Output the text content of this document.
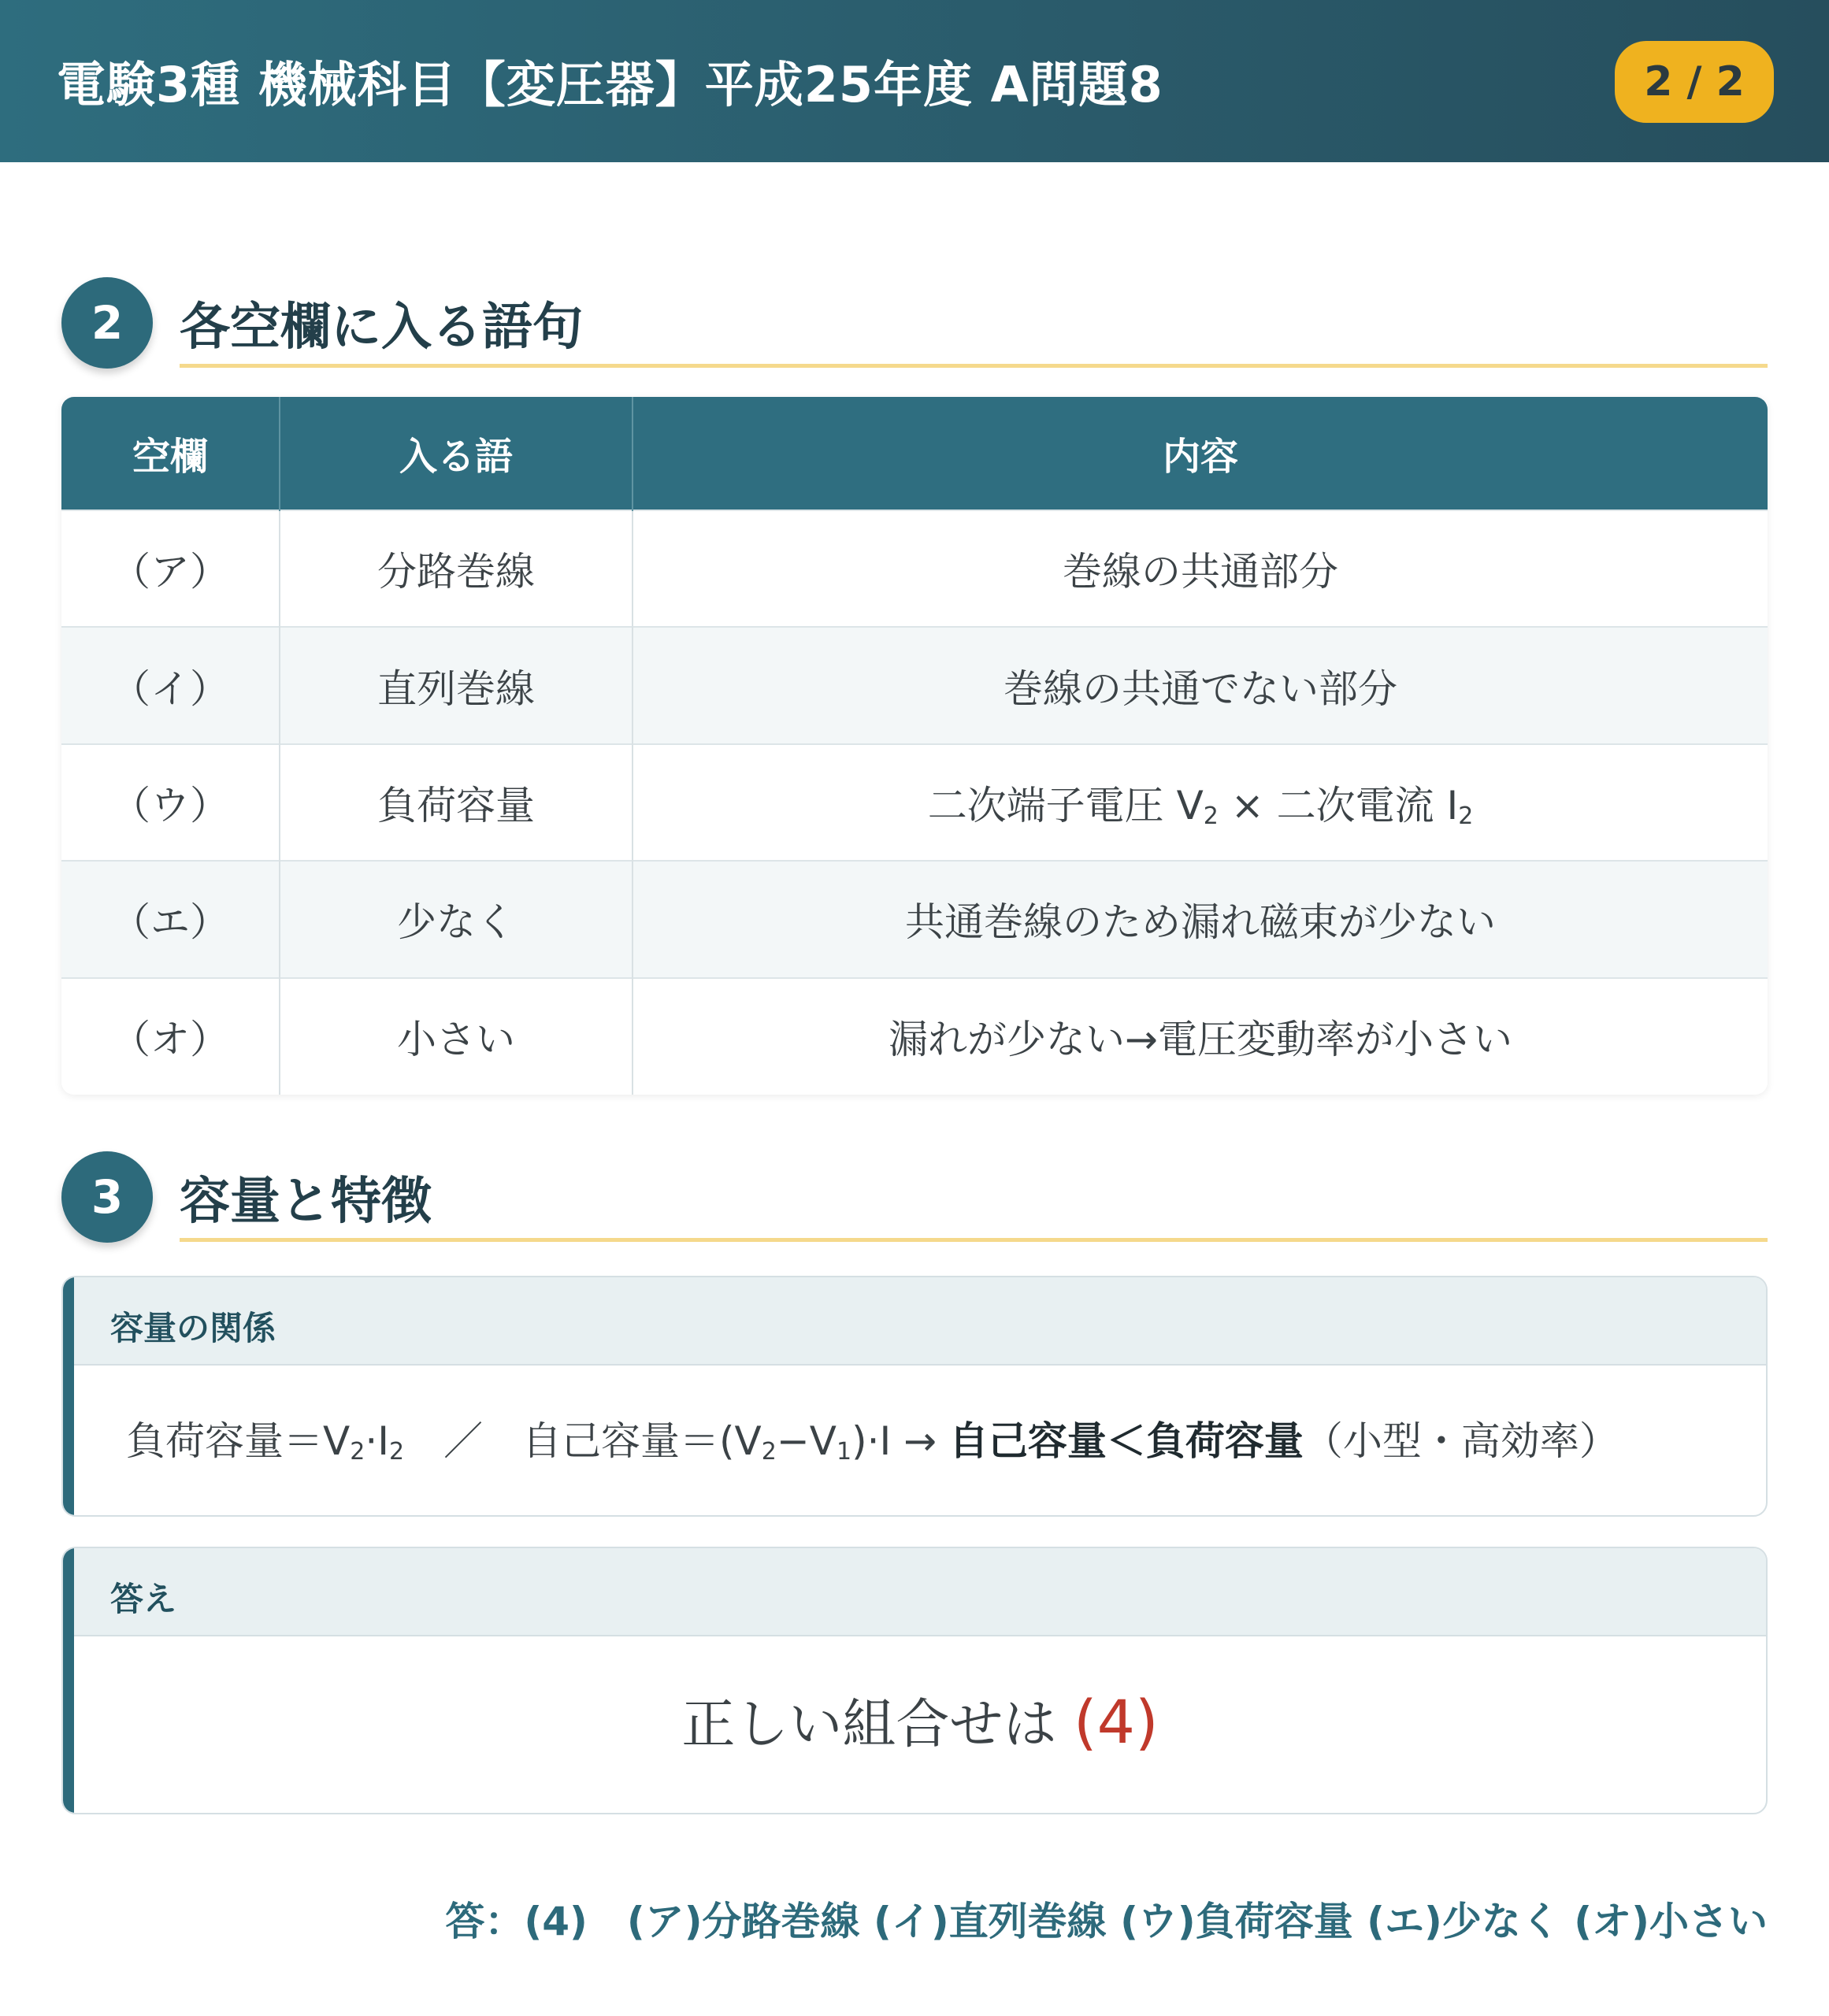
電験3種 機械科目【変圧器】平成25年度 A問題8	2 / 2
2	各空欄に入る語句
空欄	入る語	内容
（ア）	分路巻線	巻線の共通部分
（イ）	直列巻線	巻線の共通でない部分
（ウ）	負荷容量	二次端子電圧 $V_2$ × 二次電流 $I_2$
（エ）	少なく	共通巻線のため漏れ磁束が少ない
（オ）	小さい	漏れが少ない→電圧変動率が小さい
3	容量と特徴
容量の関係
負荷容量$=V_2\cdot I_2$　／　自己容量$=(V_2-V_1)\cdot I$ → 自己容量＜負荷容量（小型・高効率）
答え
正しい組合せは (4)
答：(4)　(ア)分路巻線 (イ)直列巻線 (ウ)負荷容量 (エ)少なく (オ)小さい
